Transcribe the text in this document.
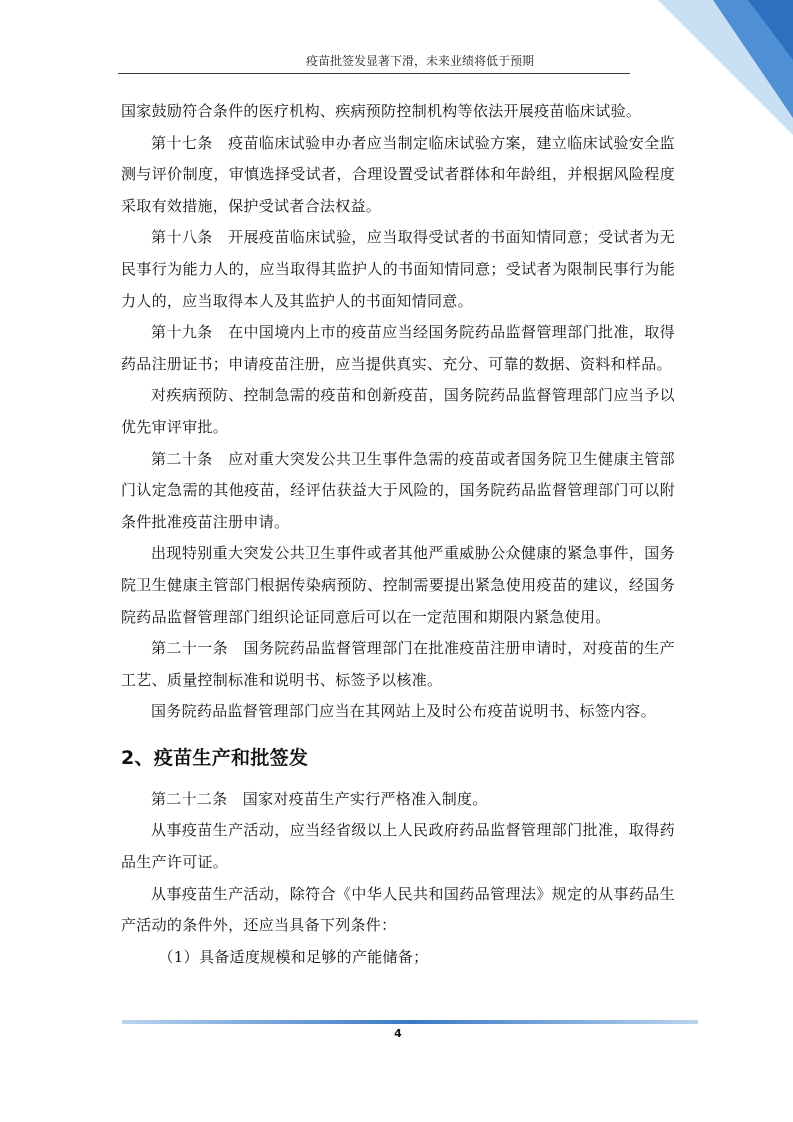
疫苗批签发显著下滑，未来业绩将低于预期

国家鼓励符合条件的医疗机构、疾病预防控制机构等依法开展疫苗临床试验。

第十七条　疫苗临床试验申办者应当制定临床试验方案，建立临床试验安全监测与评价制度，审慎选择受试者，合理设置受试者群体和年龄组，并根据风险程度采取有效措施，保护受试者合法权益。

第十八条　开展疫苗临床试验，应当取得受试者的书面知情同意；受试者为无民事行为能力人的，应当取得其监护人的书面知情同意；受试者为限制民事行为能力人的，应当取得本人及其监护人的书面知情同意。

第十九条　在中国境内上市的疫苗应当经国务院药品监督管理部门批准，取得药品注册证书；申请疫苗注册，应当提供真实、充分、可靠的数据、资料和样品。

对疾病预防、控制急需的疫苗和创新疫苗，国务院药品监督管理部门应当予以优先审评审批。

第二十条　应对重大突发公共卫生事件急需的疫苗或者国务院卫生健康主管部门认定急需的其他疫苗，经评估获益大于风险的，国务院药品监督管理部门可以附条件批准疫苗注册申请。

出现特别重大突发公共卫生事件或者其他严重威胁公众健康的紧急事件，国务院卫生健康主管部门根据传染病预防、控制需要提出紧急使用疫苗的建议，经国务院药品监督管理部门组织论证同意后可以在一定范围和期限内紧急使用。

第二十一条　国务院药品监督管理部门在批准疫苗注册申请时，对疫苗的生产工艺、质量控制标准和说明书、标签予以核准。

国务院药品监督管理部门应当在其网站上及时公布疫苗说明书、标签内容。

2、疫苗生产和批签发

第二十二条　国家对疫苗生产实行严格准入制度。

从事疫苗生产活动，应当经省级以上人民政府药品监督管理部门批准，取得药品生产许可证。

从事疫苗生产活动，除符合《中华人民共和国药品管理法》规定的从事药品生产活动的条件外，还应当具备下列条件：

（1）具备适度规模和足够的产能储备；

4
